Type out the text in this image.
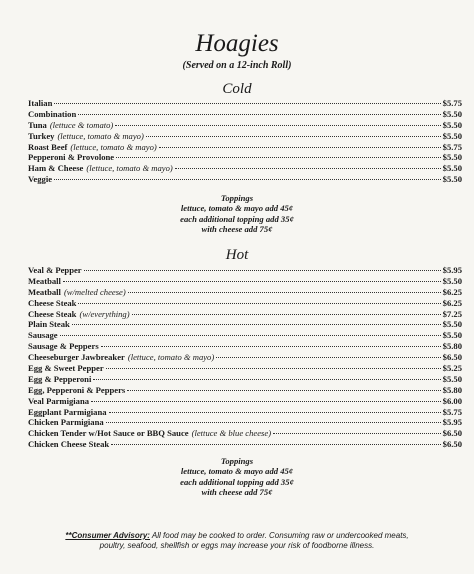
Hoagies
(Served on a 12-inch Roll)
Cold
Italian	$5.75
Combination	$5.50
Tuna (lettuce & tomato)	$5.50
Turkey (lettuce, tomato & mayo)	$5.50
Roast Beef (lettuce, tomato & mayo)	$5.75
Pepperoni & Provolone	$5.50
Ham & Cheese (lettuce, tomato & mayo)	$5.50
Veggie	$5.50
Toppings
lettuce, tomato & mayo add 45¢
each additional topping add 35¢
with cheese add 75¢
Hot
Veal & Pepper	$5.95
Meatball	$5.50
Meatball (w/melted cheese)	$6.25
Cheese Steak	$6.25
Cheese Steak (w/everything)	$7.25
Plain Steak	$5.50
Sausage	$5.50
Sausage & Peppers	$5.80
Cheeseburger Jawbreaker (lettuce, tomato & mayo)	$6.50
Egg & Sweet Pepper	$5.25
Egg & Pepperoni	$5.50
Egg, Pepperoni & Peppers	$5.80
Veal Parmigiana	$6.00
Eggplant Parmigiana	$5.75
Chicken Parmigiana	$5.95
Chicken Tender w/Hot Sauce or BBQ Sauce (lettuce & blue cheese)	$6.50
Chicken Cheese Steak	$6.50
Toppings
lettuce, tomato & mayo add 45¢
each additional topping add 35¢
with cheese add 75¢
**Consumer Advisory: All food may be cooked to order. Consuming raw or undercooked meats,
poultry, seafood, shellfish or eggs may increase your risk of foodborne illness.
